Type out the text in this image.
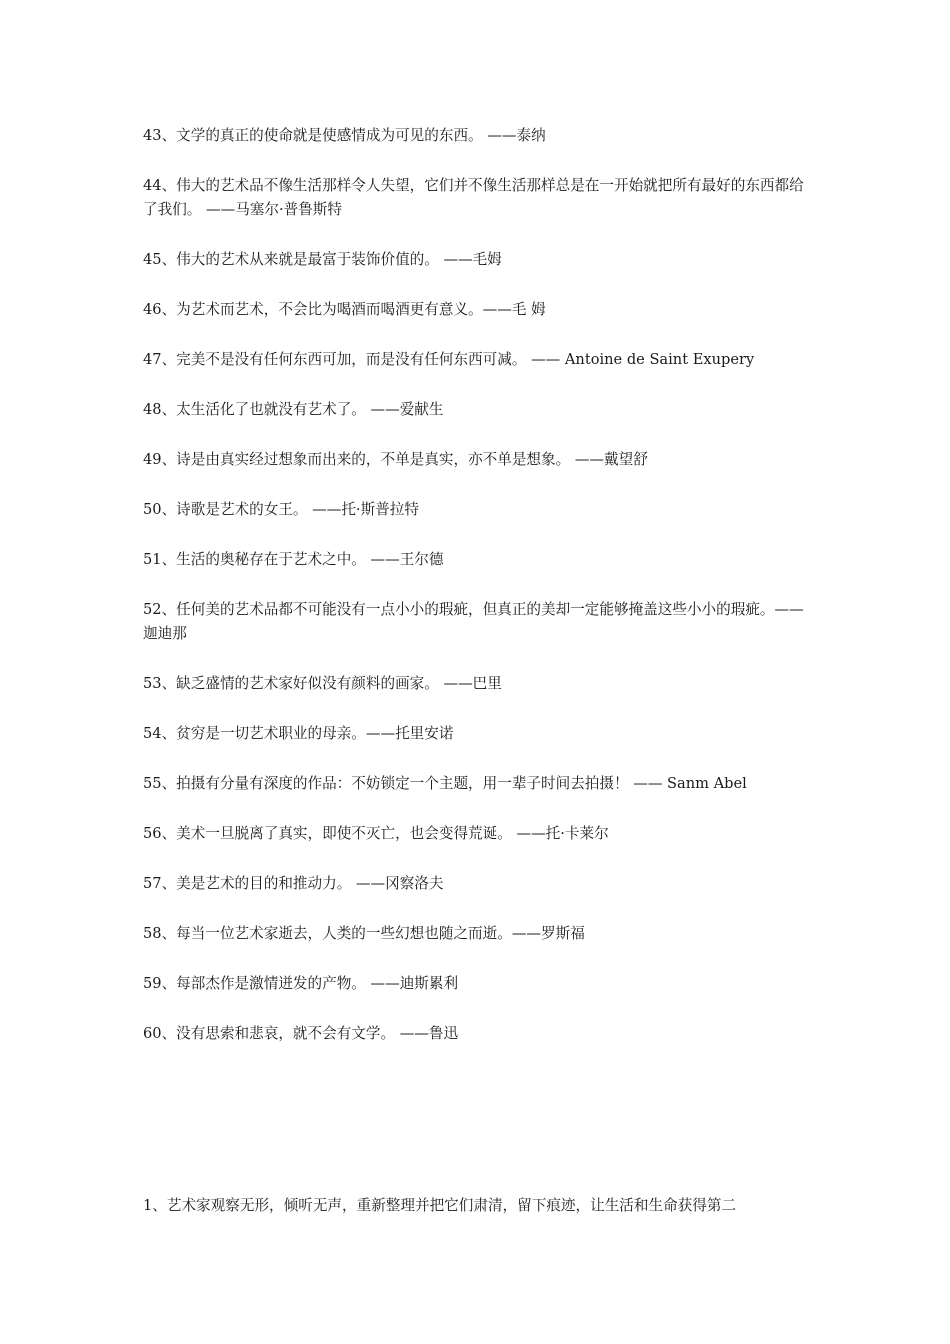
43、文学的真正的使命就是使感情成为可见的东西。 ——泰纳

44、伟大的艺术品不像生活那样令人失望，它们并不像生活那样总是在一开始就把所有最好的东西都给了我们。 ——马塞尔·普鲁斯特

45、伟大的艺术从来就是最富于装饰价值的。 ——毛姆

46、为艺术而艺术，不会比为喝酒而喝酒更有意义。——毛 姆

47、完美不是没有任何东西可加，而是没有任何东西可减。 —— Antoine de Saint Exupery

48、太生活化了也就没有艺术了。 ——爱献生

49、诗是由真实经过想象而出来的，不单是真实，亦不单是想象。 ——戴望舒

50、诗歌是艺术的女王。 ——托·斯普拉特

51、生活的奥秘存在于艺术之中。 ——王尔德

52、任何美的艺术品都不可能没有一点小小的瑕疵，但真正的美却一定能够掩盖这些小小的瑕疵。——迦迪那

53、缺乏盛情的艺术家好似没有颜料的画家。 ——巴里

54、贫穷是一切艺术职业的母亲。——托里安诺

55、拍摄有分量有深度的作品：不妨锁定一个主题，用一辈子时间去拍摄！ —— Sanm Abel

56、美术一旦脱离了真实，即使不灭亡，也会变得荒诞。 ——托·卡莱尔

57、美是艺术的目的和推动力。 ——冈察洛夫

58、每当一位艺术家逝去，人类的一些幻想也随之而逝。——罗斯福

59、每部杰作是激情迸发的产物。 ——迪斯累利

60、没有思索和悲哀，就不会有文学。 ——鲁迅

1、艺术家观察无形，倾听无声，重新整理并把它们肃清，留下痕迹，让生活和生命获得第二
